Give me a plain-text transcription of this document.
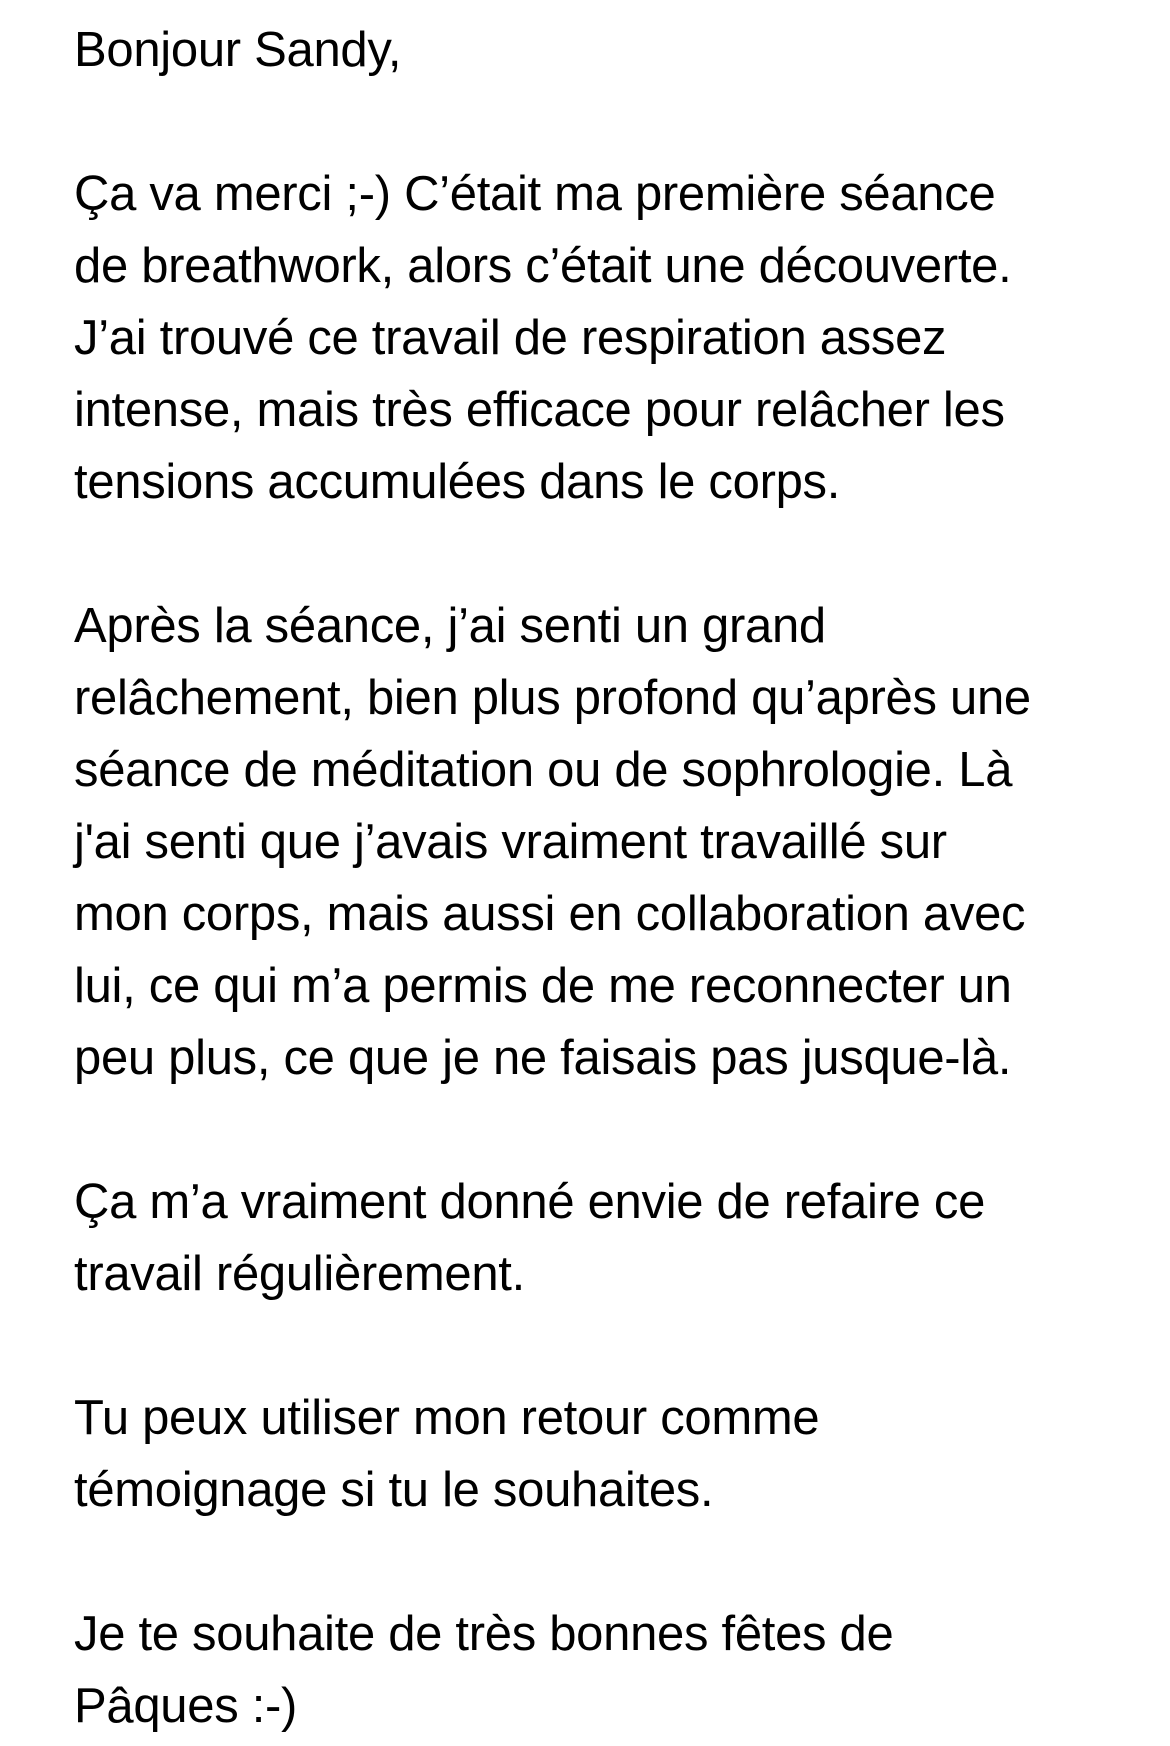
Bonjour Sandy,

Ça va merci ;-) C’était ma première séance
de breathwork, alors c’était une découverte.
J’ai trouvé ce travail de respiration assez
intense, mais très efficace pour relâcher les
tensions accumulées dans le corps.

Après la séance, j’ai senti un grand
relâchement, bien plus profond qu’après une
séance de méditation ou de sophrologie. Là
j'ai senti que j’avais vraiment travaillé sur
mon corps, mais aussi en collaboration avec
lui, ce qui m’a permis de me reconnecter un
peu plus, ce que je ne faisais pas jusque-là.

Ça m’a vraiment donné envie de refaire ce
travail régulièrement.

Tu peux utiliser mon retour comme
témoignage si tu le souhaites.

Je te souhaite de très bonnes fêtes de
Pâques :-)
